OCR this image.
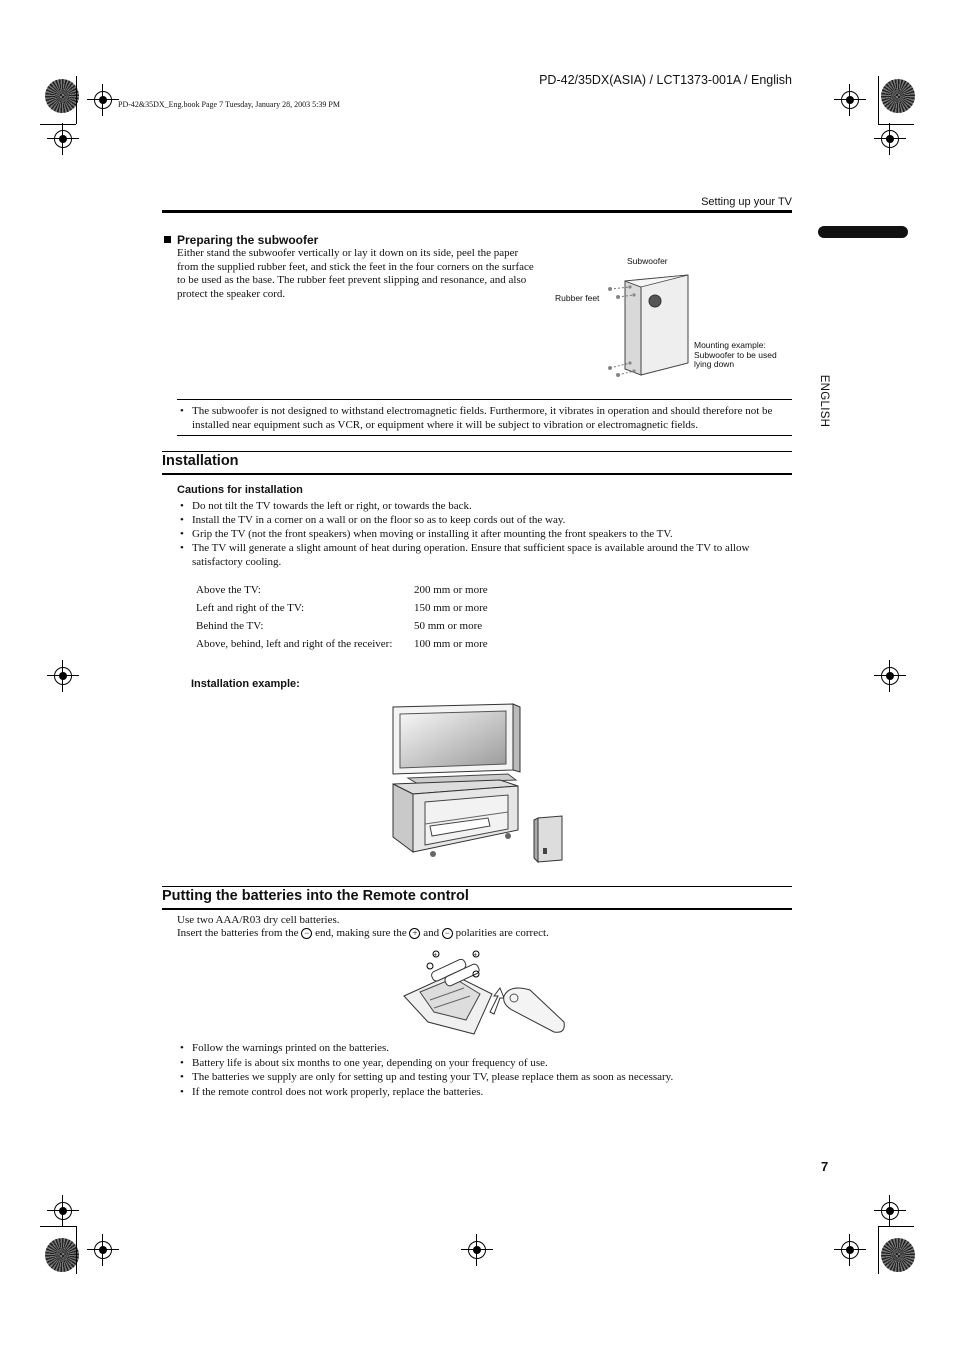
PD-42/35DX(ASIA) / LCT1373-001A / English
PD-42&35DX_Eng.book Page 7 Tuesday, January 28, 2003 5:39 PM
Setting up your TV
ENGLISH
Preparing the subwoofer
Either stand the subwoofer vertically or lay it down on its side, peel the paper from the supplied rubber feet, and stick the feet in the four corners on the surface to be used as the base. The rubber feet prevent slipping and resonance, and also protect the speaker cord.
Subwoofer
Rubber feet
Mounting example: Subwoofer to be used lying down
• The subwoofer is not designed to withstand electromagnetic fields. Furthermore, it vibrates in operation and should therefore not be installed near equipment such as VCR, or equipment where it will be subject to vibration or electromagnetic fields.
Installation
Cautions for installation
• Do not tilt the TV towards the left or right, or towards the back.
• Install the TV in a corner on a wall or on the floor so as to keep cords out of the way.
• Grip the TV (not the front speakers) when moving or installing it after mounting the front speakers to the TV.
• The TV will generate a slight amount of heat during operation. Ensure that sufficient space is available around the TV to allow satisfactory cooling.
Above the TV:	200 mm or more
Left and right of the TV:	150 mm or more
Behind the TV:	50 mm or more
Above, behind, left and right of the receiver:	100 mm or more
Installation example:
Putting the batteries into the Remote control
Use two AAA/R03 dry cell batteries.
Insert the batteries from the − end, making sure the + and − polarities are correct.
+	+
• Follow the warnings printed on the batteries.
• Battery life is about six months to one year, depending on your frequency of use.
• The batteries we supply are only for setting up and testing your TV, please replace them as soon as necessary.
• If the remote control does not work properly, replace the batteries.
7
